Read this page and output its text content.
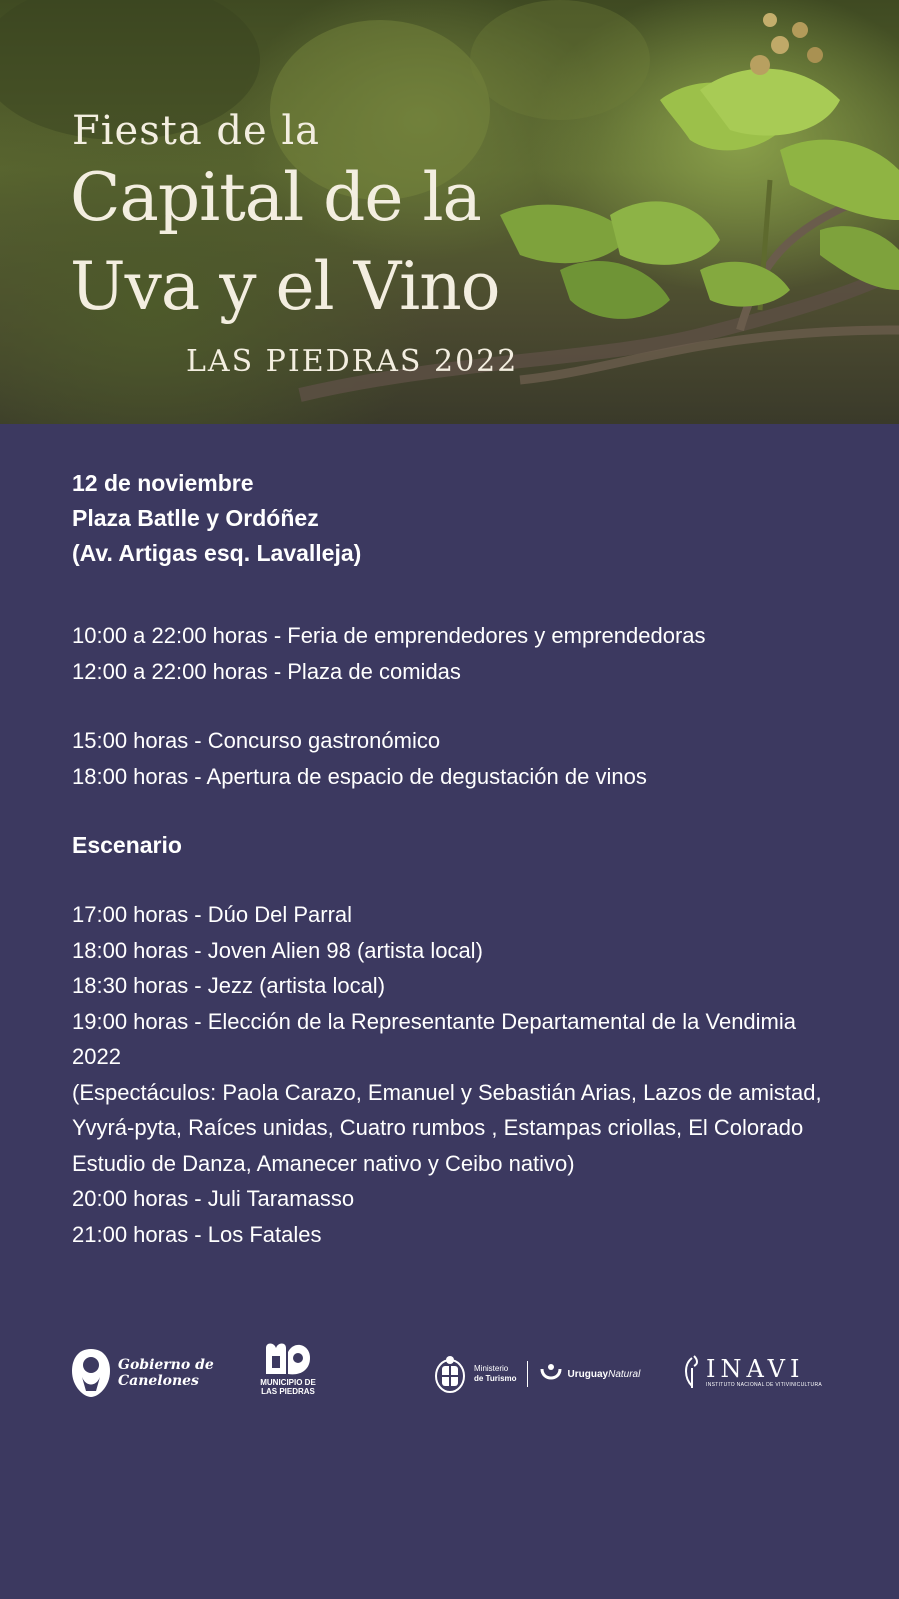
Fiesta de la
Capital de la
Uva y el Vino
LAS PIEDRAS 2022
12 de noviembre
Plaza Batlle y Ordóñez
(Av. Artigas esq. Lavalleja)
10:00 a 22:00 horas - Feria de emprendedores y emprendedoras
12:00 a 22:00 horas - Plaza de comidas
15:00 horas - Concurso gastronómico
18:00 horas - Apertura de espacio de degustación de vinos
Escenario
17:00 horas - Dúo Del Parral
18:00 horas - Joven Alien 98 (artista local)
18:30 horas - Jezz (artista local)
19:00 horas - Elección de la Representante Departamental de la Vendimia 2022
(Espectáculos: Paola Carazo, Emanuel y Sebastián Arias, Lazos de amistad, Yvyrá-pyta, Raíces unidas, Cuatro rumbos , Estampas criollas, El Colorado Estudio de Danza, Amanecer nativo y Ceibo nativo)
20:00 horas - Juli Taramasso
21:00 horas - Los Fatales
Gobierno de
Canelones	MUNICIPIO DE
LAS PIEDRAS
Ministerio
de Turismo	UruguayNatural	INAVI
INSTITUTO NACIONAL DE VITIVINICULTURA
